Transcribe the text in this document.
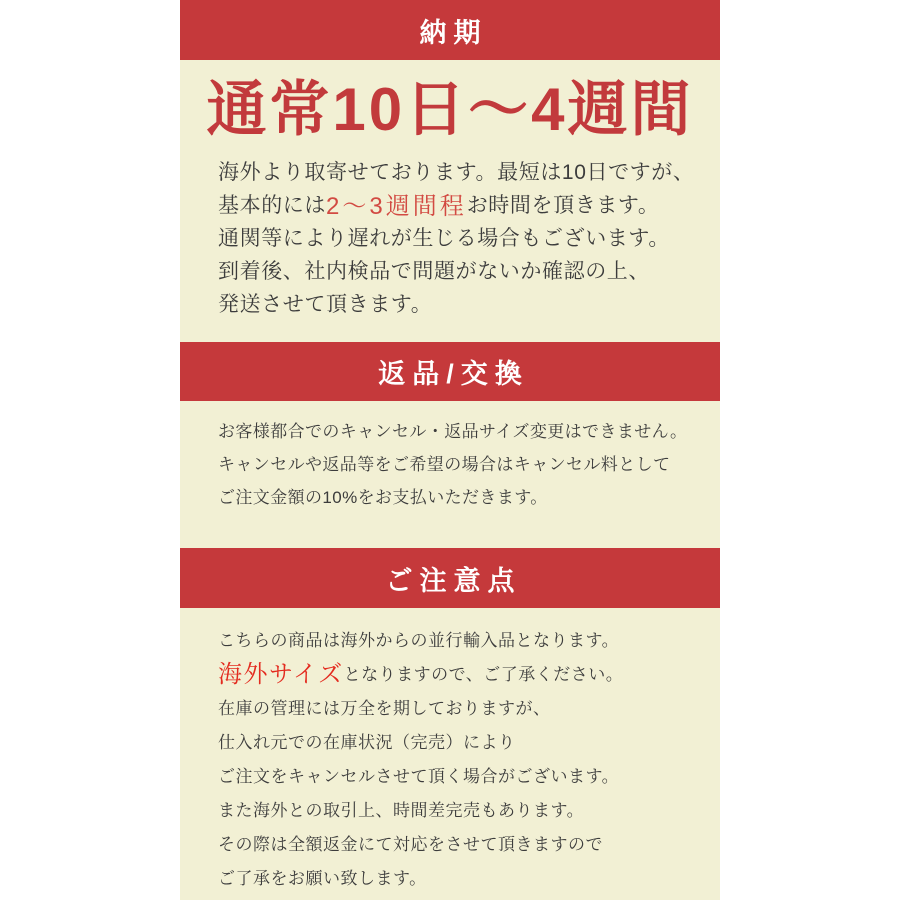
納期
通常10日～4週間
海外より取寄せております。最短は10日ですが、
基本的には2～3週間程お時間を頂きます。
通関等により遅れが生じる場合もございます。
到着後、社内検品で問題がないか確認の上、
発送させて頂きます。
返品/交換
お客様都合でのキャンセル・返品サイズ変更はできません。
キャンセルや返品等をご希望の場合はキャンセル料として
ご注文金額の10%をお支払いただきます。
ご注意点
こちらの商品は海外からの並行輸入品となります。
海外サイズとなりますので、ご了承ください。
在庫の管理には万全を期しておりますが、
仕入れ元での在庫状況（完売）により
ご注文をキャンセルさせて頂く場合がございます。
また海外との取引上、時間差完売もあります。
その際は全額返金にて対応をさせて頂きますので
ご了承をお願い致します。
